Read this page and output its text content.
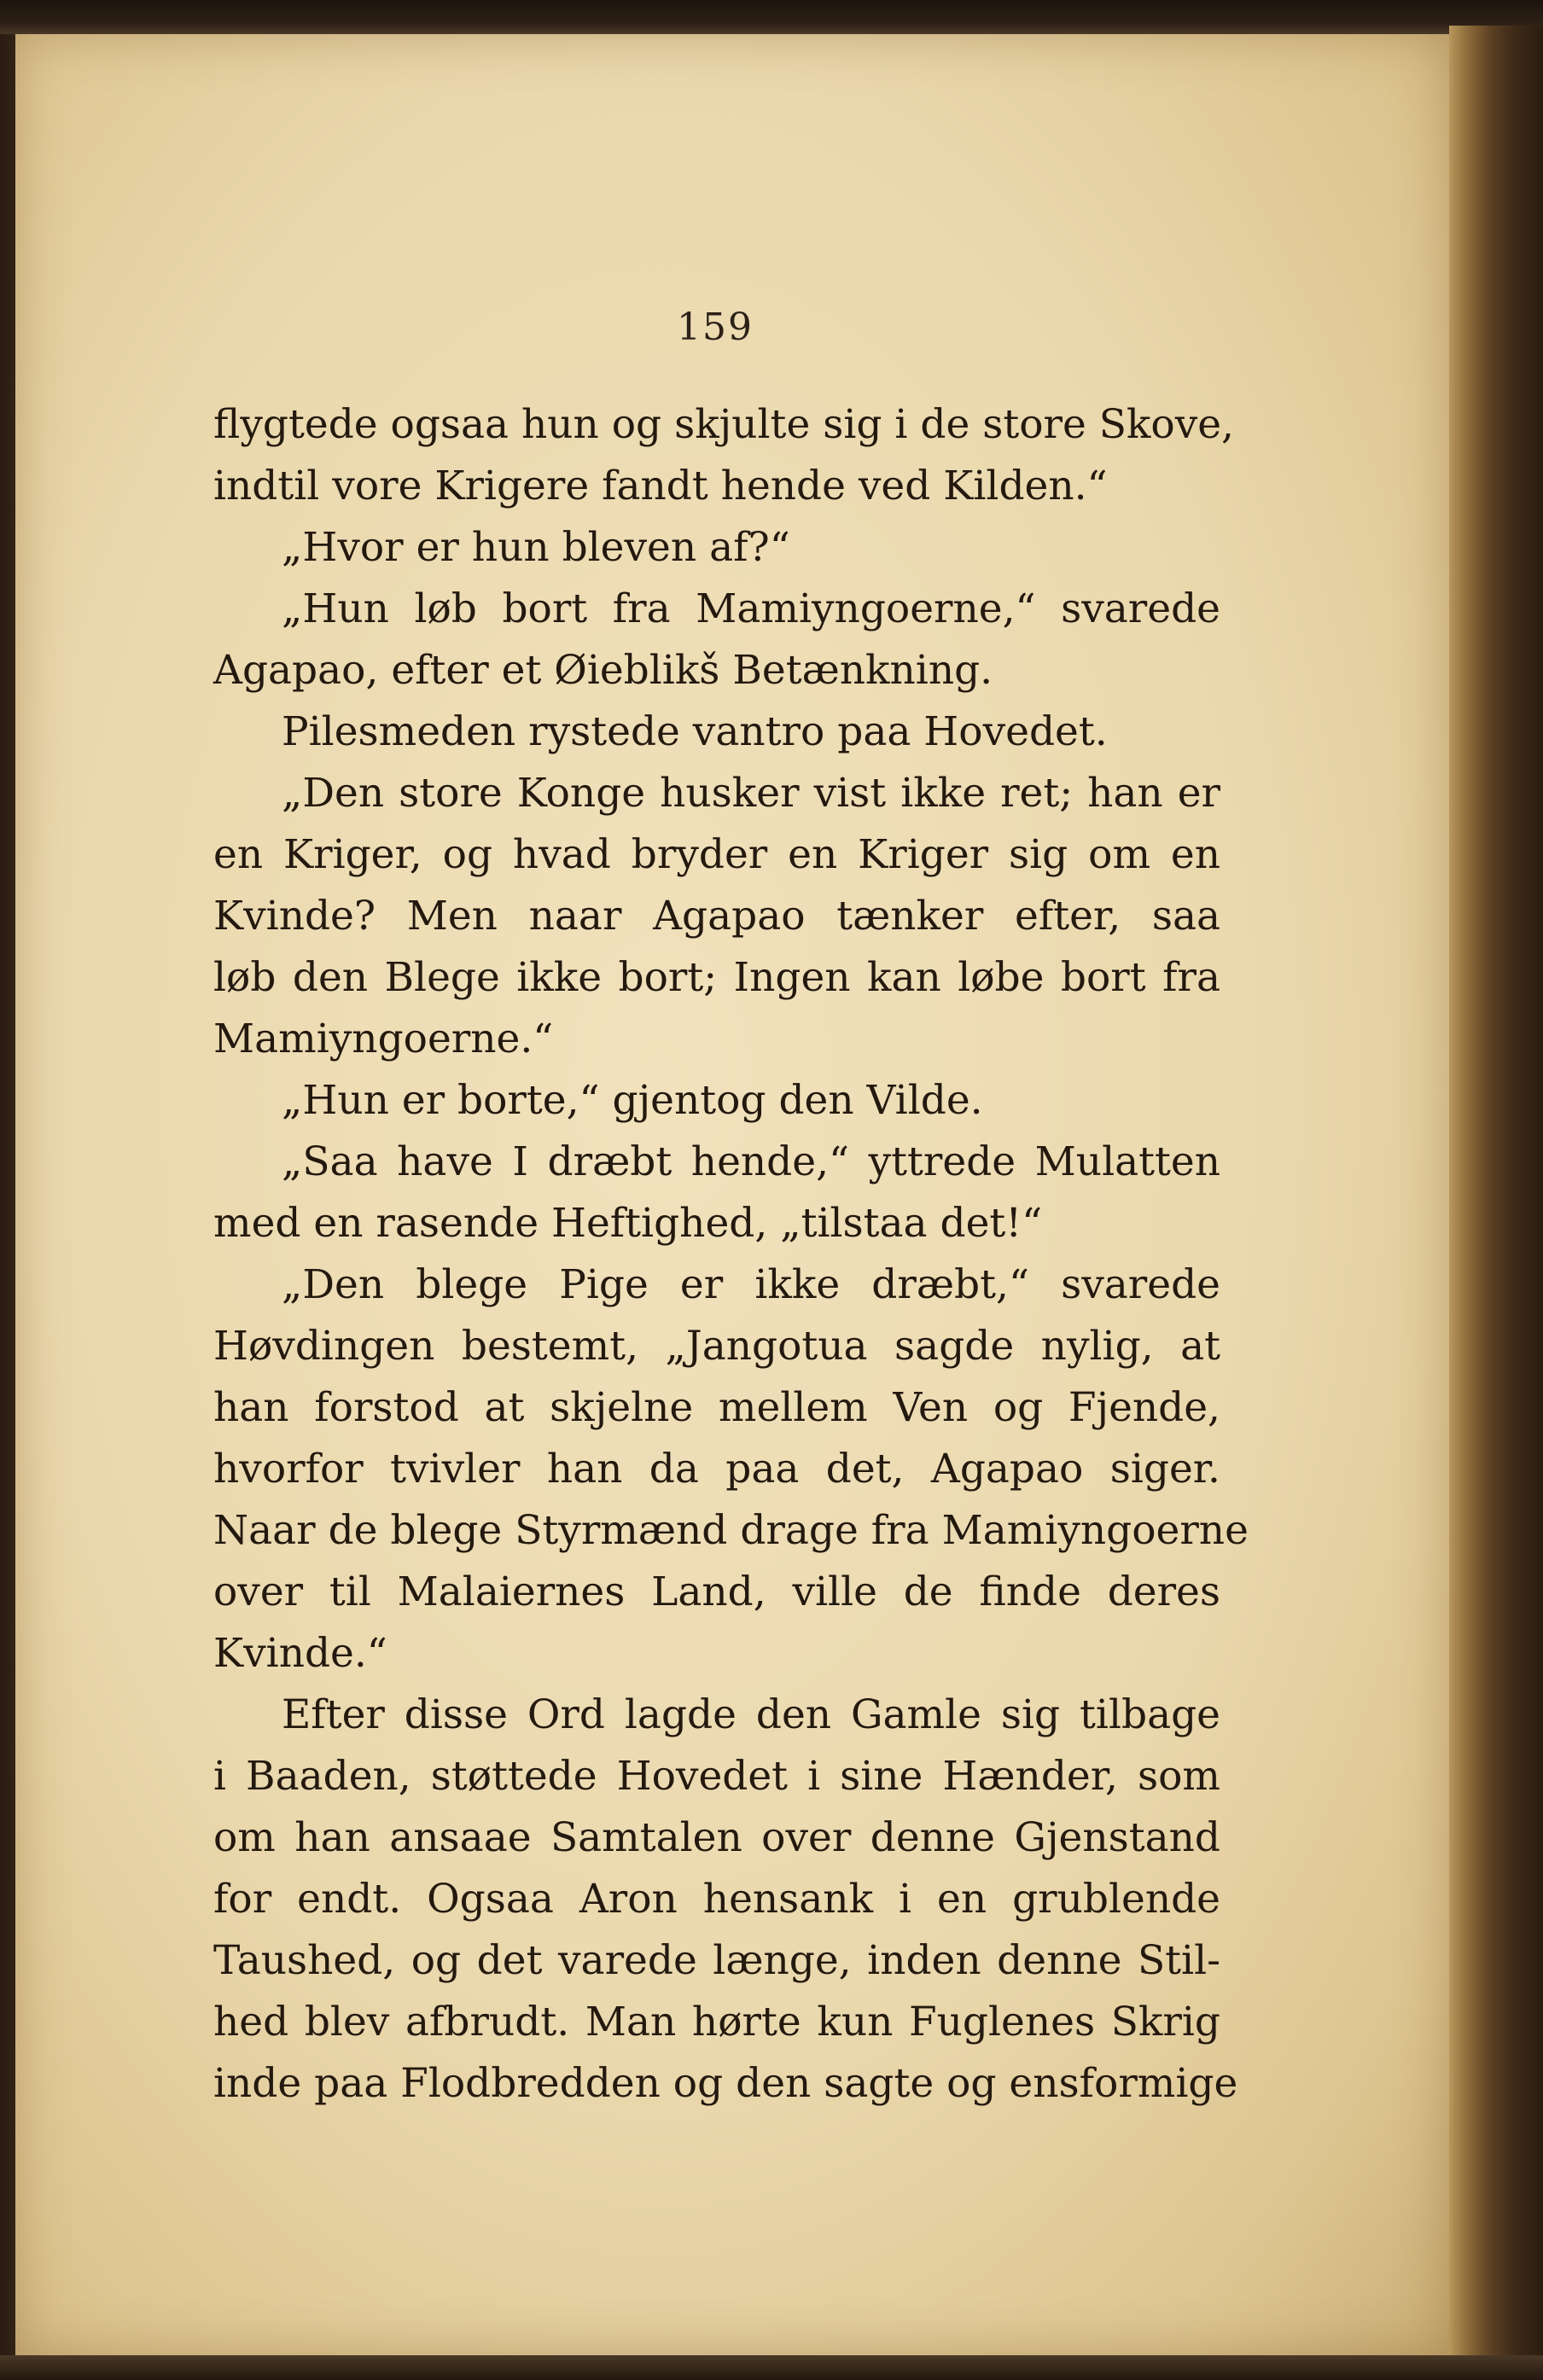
159
flygtede ogsaa hun og skjulte sig i de store Skove,
indtil vore Krigere fandt hende ved Kilden.“
„Hvor er hun bleven af?“
„Hun løb bort fra Mamiyngoerne,“ svarede
Agapao, efter et Øieblikš Betænkning.
Pilesmeden rystede vantro paa Hovedet.
„Den store Konge husker vist ikke ret; han er
en Kriger, og hvad bryder en Kriger sig om en
Kvinde? Men naar Agapao tænker efter, saa
løb den Blege ikke bort; Ingen kan løbe bort fra
Mamiyngoerne.“
„Hun er borte,“ gjentog den Vilde.
„Saa have I dræbt hende,“ yttrede Mulatten
med en rasende Heftighed, „tilstaa det!“
„Den blege Pige er ikke dræbt,“ svarede
Høvdingen bestemt, „Jangotua sagde nylig, at
han forstod at skjelne mellem Ven og Fjende,
hvorfor tvivler han da paa det, Agapao siger.
Naar de blege Styrmænd drage fra Mamiyngoerne
over til Malaiernes Land, ville de finde deres
Kvinde.“
Efter disse Ord lagde den Gamle sig tilbage
i Baaden, støttede Hovedet i sine Hænder, som
om han ansaae Samtalen over denne Gjenstand
for endt. Ogsaa Aron hensank i en grublende
Taushed, og det varede længe, inden denne Stil-
hed blev afbrudt. Man hørte kun Fuglenes Skrig
inde paa Flodbredden og den sagte og ensformige
